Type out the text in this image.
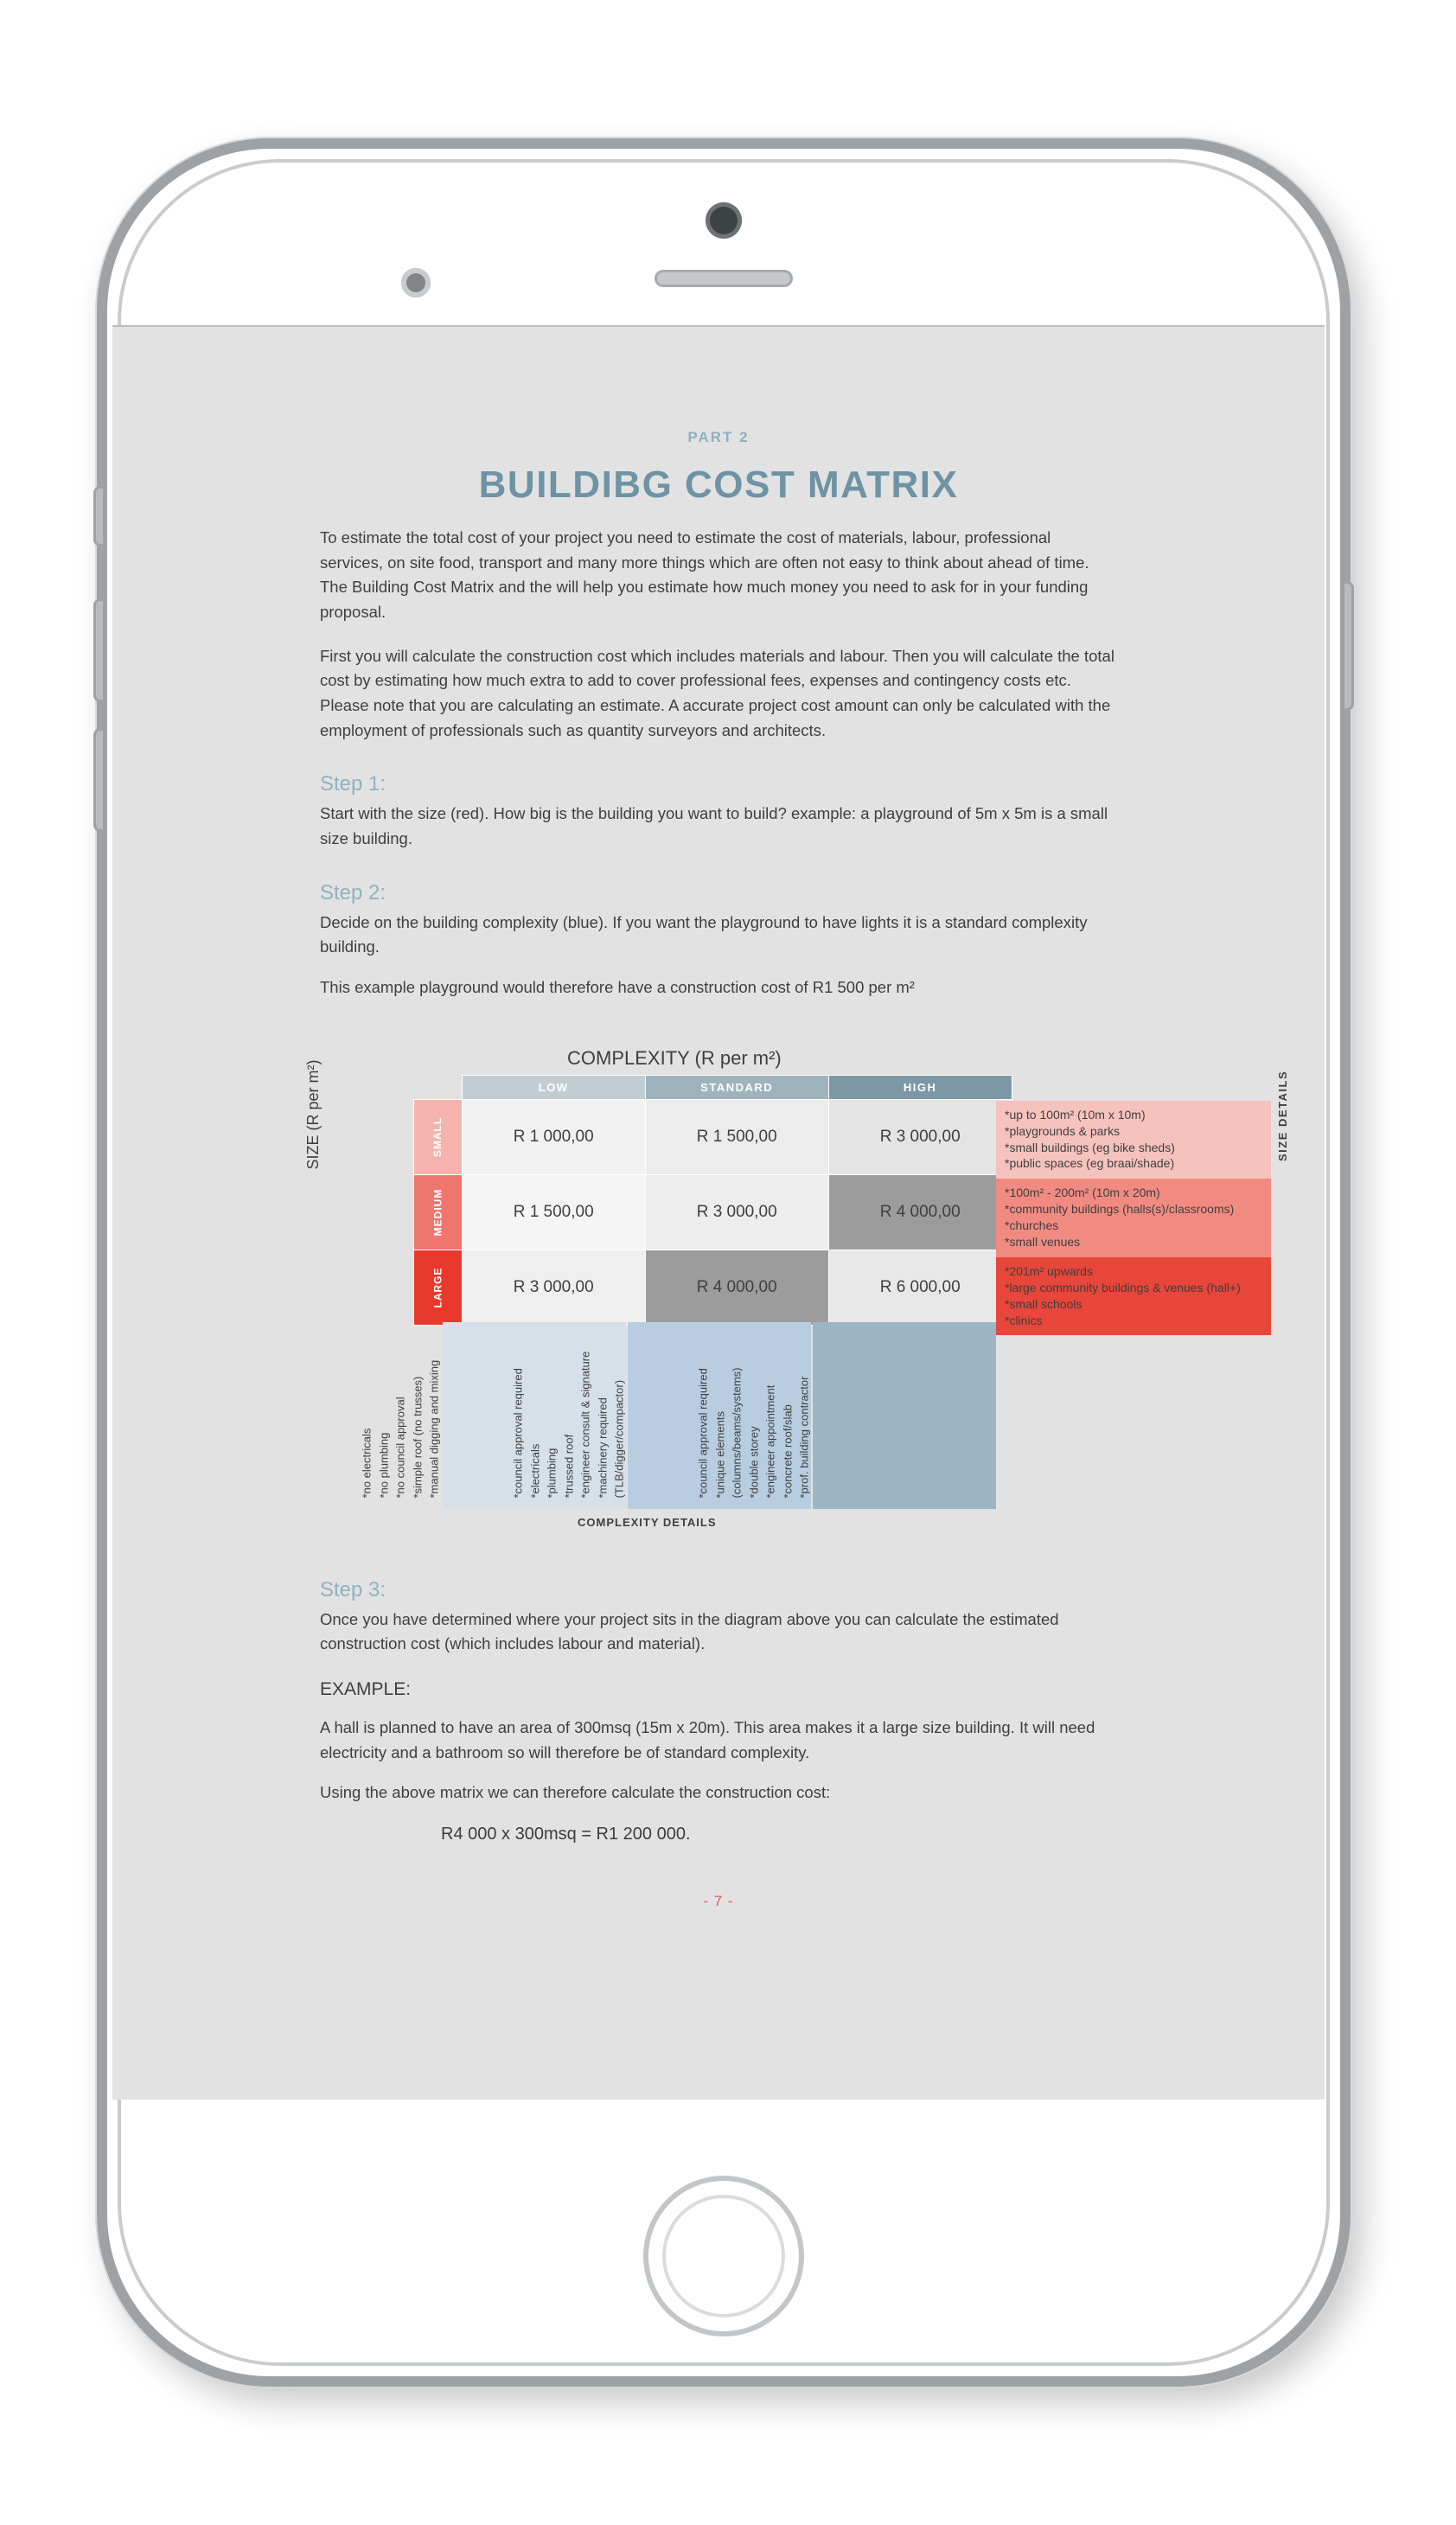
PART 2
BUILDIBG COST MATRIX
To estimate the total cost of your project you need to estimate the cost of materials, labour, professional services, on site food, transport and many more things which are often not easy to think about ahead of time. The Building Cost Matrix and the will help you estimate how much money you need to ask for in your funding proposal.
First you will calculate the construction cost which includes materials and labour. Then you will calculate the total cost by estimating how much extra to add to cover professional fees, expenses and contingency costs etc. Please note that you are calculating an estimate. A accurate project cost amount can only be calculated with the employment of professionals such as quantity surveyors and architects.
Step 1:
Start with the size (red). How big is the building you want to build? example: a playground of 5m x 5m is a small size building.
Step 2:
Decide on the building complexity (blue). If you want the playground to have lights it is a standard complexity building.
This example playground would therefore have a construction cost of R1 500 per m²
COMPLEXITY (R per m²)
SIZE (R per m²)
		LOW	STANDARD	HIGH
SMALL	R 1 000,00	R 1 500,00	R 3 000,00
MEDIUM	R 1 500,00	R 3 000,00	R 4 000,00
LARGE	R 3 000,00	R 4 000,00	R 6 000,00
*up to 100m² (10m x 10m)
*playgrounds & parks
*small buildings (eg bike sheds)
*public spaces (eg braai/shade)
*100m² - 200m² (10m x 20m)
*community buildings (halls(s)/classrooms)
*churches
*small venues
*201m² upwards
*large community buildings & venues (hall+)
*small schools
*clinics
SIZE DETAILS
*no electricals *no plumbing *no council approval *simple roof (no trusses) *manual digging and mixing	*council approval required *electricals *plumbing *trussed roof *engineer consult & signature *machinery required (TLB/digger/compactor)	*council approval required *unique elements (columns/beams/systems) *double storey *engineer appointment *concrete roof/slab *prof. building contractor
COMPLEXITY DETAILS
Step 3:
Once you have determined where your project sits in the diagram above you can calculate the estimated construction cost (which includes labour and material).
EXAMPLE:
A hall is planned to have an area of 300msq (15m x 20m). This area makes it a large size building. It will need electricity and a bathroom so will therefore be of standard complexity.
Using the above matrix we can therefore calculate the construction cost:
R4 000 x 300msq = R1 200 000.
- 7 -
